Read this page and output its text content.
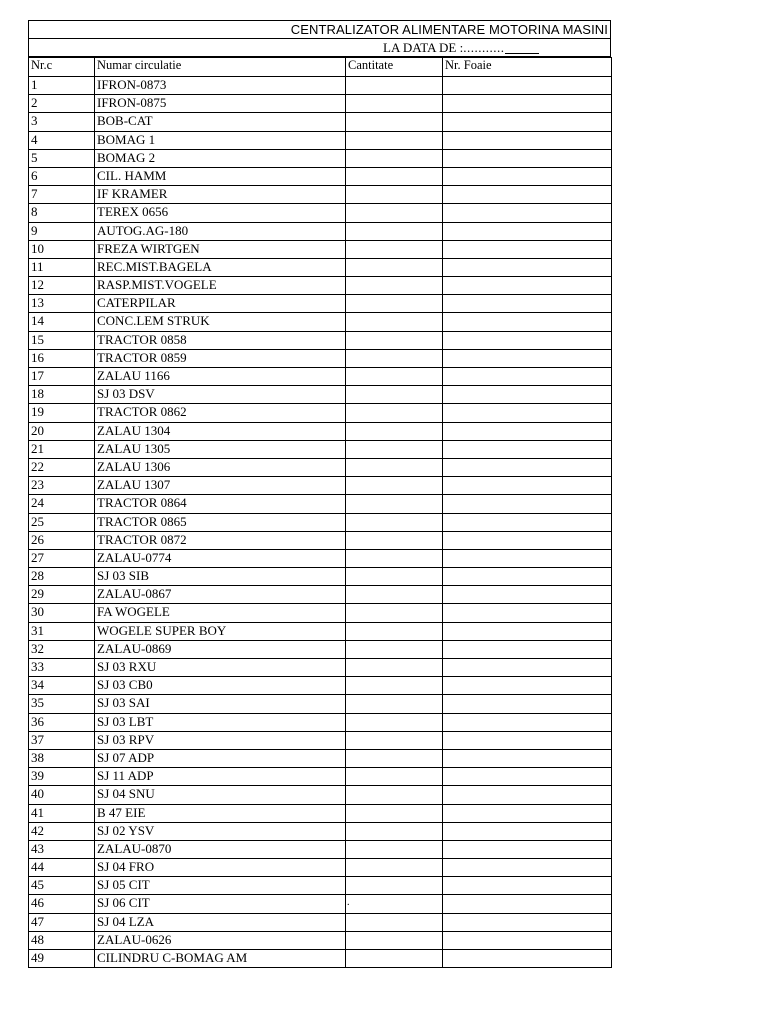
CENTRALIZATOR ALIMENTARE MOTORINA MASINI
LA DATA DE :...........
Nr.c	Numar circulatie	Cantitate	Nr. Foaie
1	IFRON-0873		
2	IFRON-0875		
3	BOB-CAT		
4	BOMAG 1		
5	BOMAG 2		
6	CIL. HAMM		
7	IF KRAMER		
8	TEREX 0656		
9	AUTOG.AG-180		
10	FREZA WIRTGEN		
11	REC.MIST.BAGELA		
12	RASP.MIST.VOGELE		
13	CATERPILAR		
14	CONC.LEM STRUK		
15	TRACTOR 0858		
16	TRACTOR 0859		
17	ZALAU 1166		
18	SJ 03 DSV		
19	TRACTOR 0862		
20	ZALAU 1304		
21	ZALAU 1305		
22	ZALAU 1306		
23	ZALAU 1307		
24	TRACTOR 0864		
25	TRACTOR 0865		
26	TRACTOR 0872		
27	ZALAU-0774		
28	SJ 03 SIB		
29	ZALAU-0867		
30	FA WOGELE		
31	WOGELE SUPER BOY		
32	ZALAU-0869		
33	SJ 03 RXU		
34	SJ 03 CB0		
35	SJ 03 SAI		
36	SJ 03 LBT		
37	SJ 03 RPV		
38	SJ 07 ADP		
39	SJ 11 ADP		
40	SJ 04 SNU		
41	B 47 EIE		
42	SJ 02 YSV		
43	ZALAU-0870		
44	SJ 04 FRO		
45	SJ 05 CIT		
46	SJ 06 CIT	.	
47	SJ 04 LZA		
48	ZALAU-0626		
49	CILINDRU C-BOMAG AM		
